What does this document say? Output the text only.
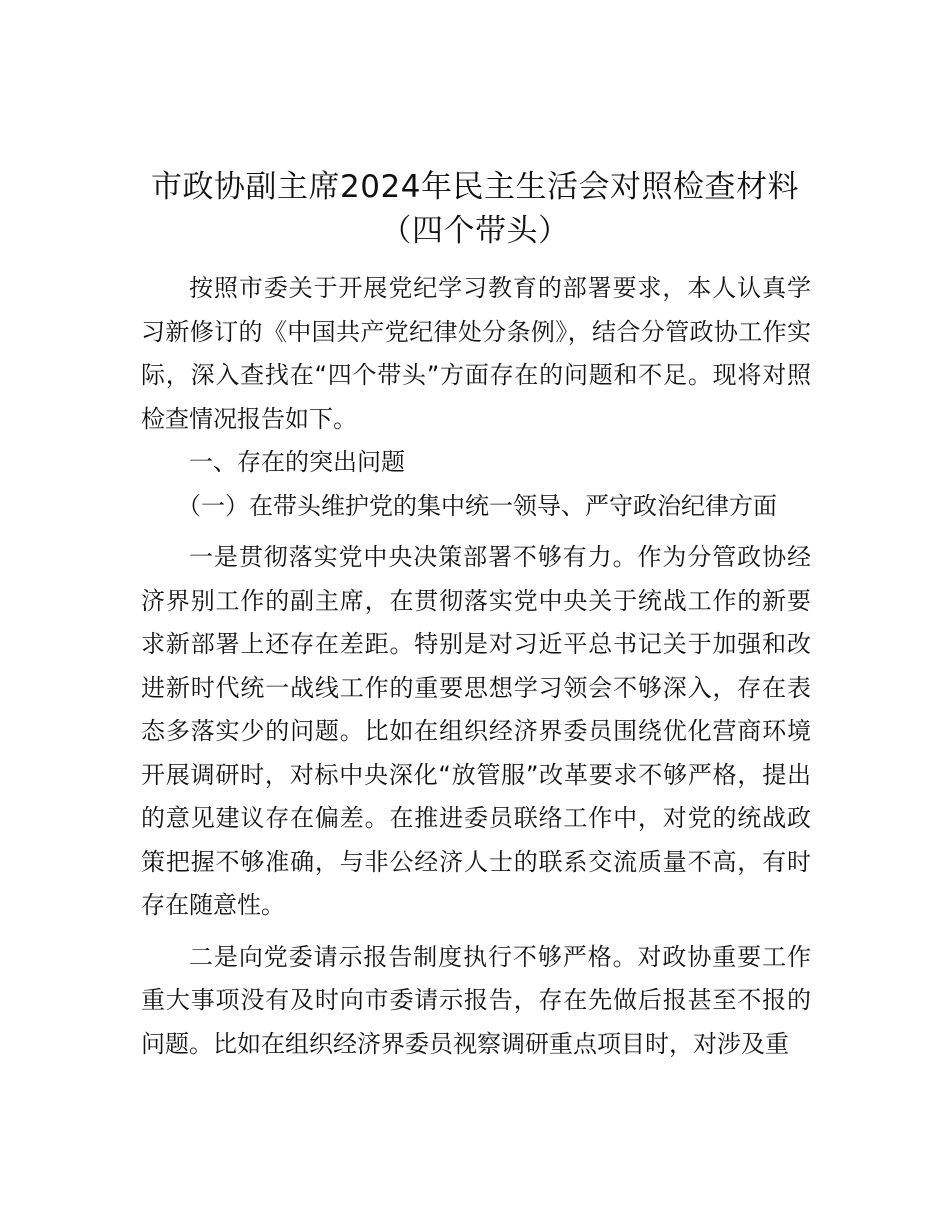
市政协副主席2024年民主生活会对照检查材料（四个带头）

按照市委关于开展党纪学习教育的部署要求，本人认真学习新修订的《中国共产党纪律处分条例》，结合分管政协工作实际，深入查找在“四个带头”方面存在的问题和不足。现将对照检查情况报告如下。

一、存在的突出问题

（一）在带头维护党的集中统一领导、严守政治纪律方面

一是贯彻落实党中央决策部署不够有力。作为分管政协经济界别工作的副主席，在贯彻落实党中央关于统战工作的新要求新部署上还存在差距。特别是对习近平总书记关于加强和改进新时代统一战线工作的重要思想学习领会不够深入，存在表态多落实少的问题。比如在组织经济界委员围绕优化营商环境开展调研时，对标中央深化“放管服”改革要求不够严格，提出的意见建议存在偏差。在推进委员联络工作中，对党的统战政策把握不够准确，与非公经济人士的联系交流质量不高，有时存在随意性。

二是向党委请示报告制度执行不够严格。对政协重要工作重大事项没有及时向市委请示报告，存在先做后报甚至不报的问题。比如在组织经济界委员视察调研重点项目时，对涉及重
